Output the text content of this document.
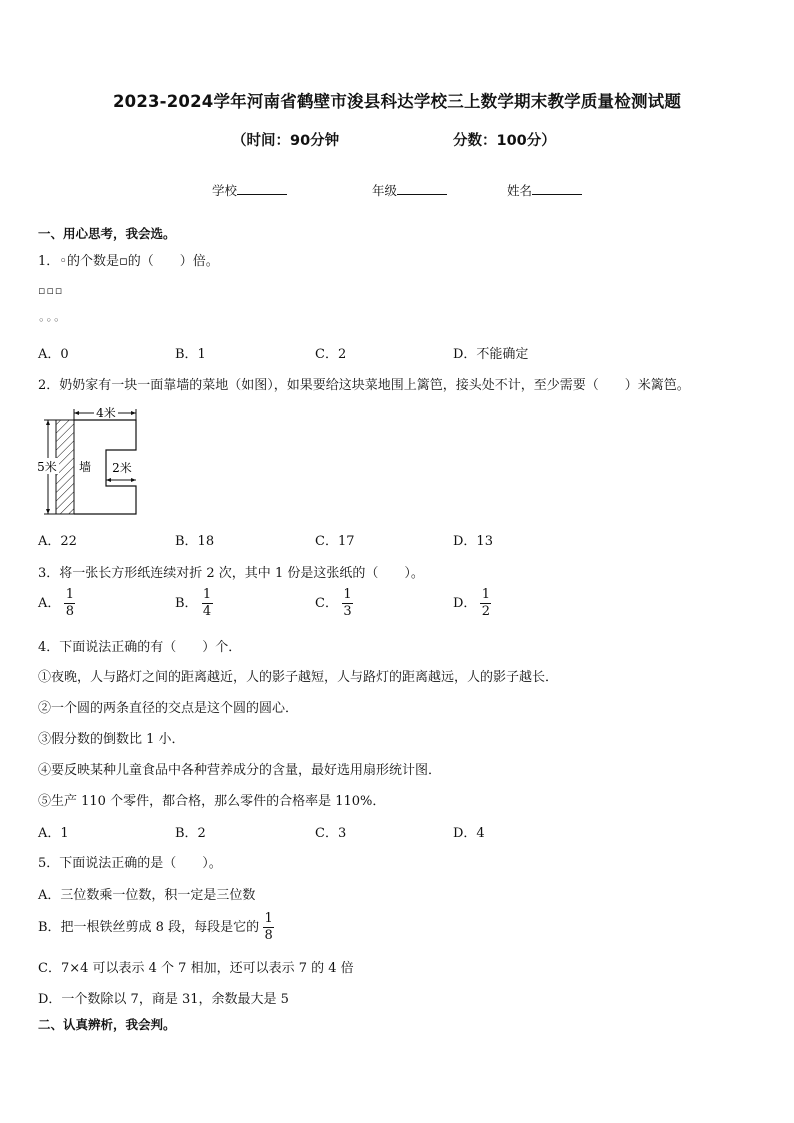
2023-2024学年河南省鹤壁市浚县科达学校三上数学期末教学质量检测试题
（时间：90分钟	分数：100分）
学校	年级	姓名
一、用心思考，我会选。
1．◦的个数是▫的（　　）倍。
▫▫▫
◦◦◦
A．0	B．1	C．2	D．不能确定
2．奶奶家有一块一面靠墙的菜地（如图），如果要给这块菜地围上篱笆，接头处不计，至少需要（　　）米篱笆。
4米
5米 墙 2米
A．22	B．18	C．17	D．13
3．将一张长方形纸连续对折 2 次，其中 1 份是这张纸的（　　）。
A． $\frac{1}{8}$	B． $\frac{1}{4}$	C． $\frac{1}{3}$	D． $\frac{1}{2}$
4．下面说法正确的有（　　）个．
①夜晚，人与路灯之间的距离越近，人的影子越短，人与路灯的距离越远，人的影子越长．
②一个圆的两条直径的交点是这个圆的圆心．
③假分数的倒数比 1 小．
④要反映某种儿童食品中各种营养成分的含量，最好选用扇形统计图．
⑤生产 110 个零件，都合格，那么零件的合格率是 110%．
A．1	B．2	C．3	D．4
5．下面说法正确的是（　　）。
A．三位数乘一位数，积一定是三位数
B．把一根铁丝剪成 8 段，每段是它的 $\frac{1}{8}$
C．7×4 可以表示 4 个 7 相加，还可以表示 7 的 4 倍
D．一个数除以 7，商是 31，余数最大是 5
二、认真辨析，我会判。
